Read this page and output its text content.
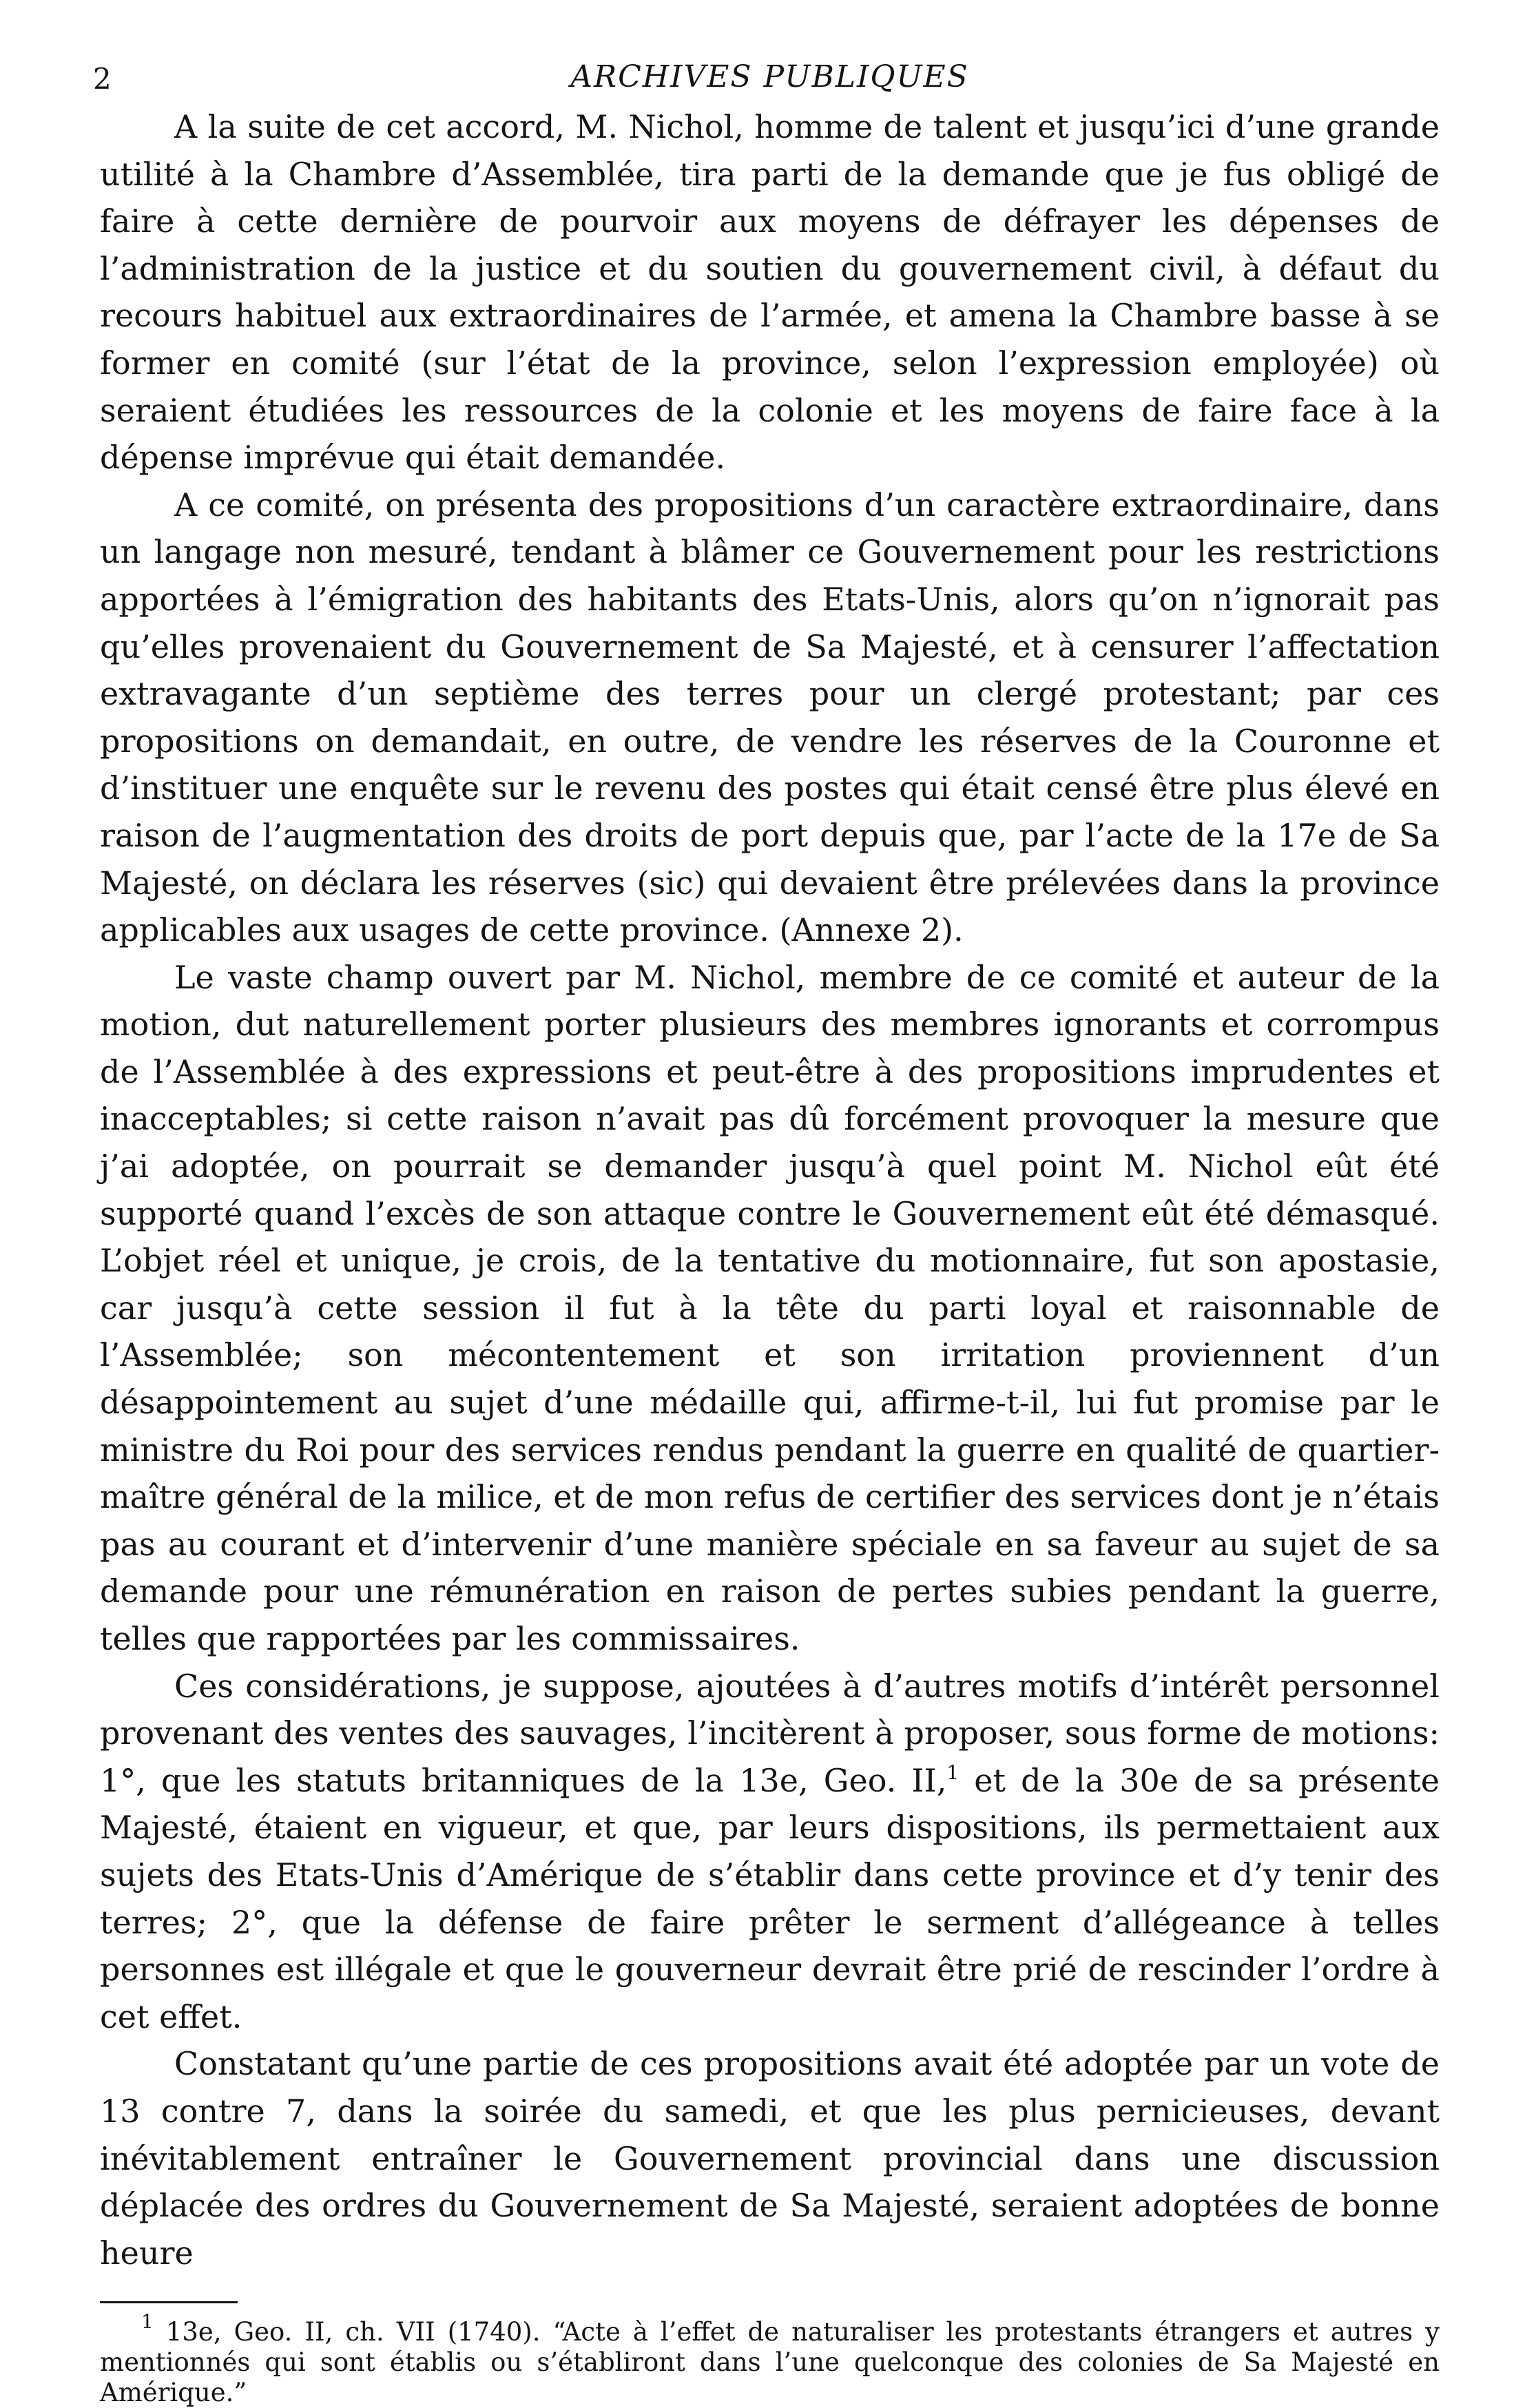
2	ARCHIVES PUBLIQUES

A la suite de cet accord, M. Nichol, homme de talent et jusqu’ici d’une grande utilité à la Chambre d’Assemblée, tira parti de la demande que je fus obligé de faire à cette dernière de pourvoir aux moyens de défrayer les dépenses de l’administration de la justice et du soutien du gouvernement civil, à défaut du recours habituel aux extraordinaires de l’armée, et amena la Chambre basse à se former en comité (sur l’état de la province, selon l’expression employée) où seraient étudiées les ressources de la colonie et les moyens de faire face à la dépense imprévue qui était demandée.

A ce comité, on présenta des propositions d’un caractère extraordinaire, dans un langage non mesuré, tendant à blâmer ce Gouvernement pour les restrictions apportées à l’émigration des habitants des Etats-Unis, alors qu’on n’ignorait pas qu’elles provenaient du Gouvernement de Sa Majesté, et à censurer l’affectation extravagante d’un septième des terres pour un clergé protestant; par ces propositions on demandait, en outre, de vendre les réserves de la Couronne et d’instituer une enquête sur le revenu des postes qui était censé être plus élevé en raison de l’augmentation des droits de port depuis que, par l’acte de la 17e de Sa Majesté, on déclara les réserves (sic) qui devaient être prélevées dans la province applicables aux usages de cette province. (Annexe 2).

Le vaste champ ouvert par M. Nichol, membre de ce comité et auteur de la motion, dut naturellement porter plusieurs des membres ignorants et corrompus de l’Assemblée à des expressions et peut-être à des propositions imprudentes et inacceptables; si cette raison n’avait pas dû forcément provoquer la mesure que j’ai adoptée, on pourrait se demander jusqu’à quel point M. Nichol eût été supporté quand l’excès de son attaque contre le Gouvernement eût été démasqué. L’objet réel et unique, je crois, de la tentative du motionnaire, fut son apostasie, car jusqu’à cette session il fut à la tête du parti loyal et raisonnable de l’Assemblée; son mécontentement et son irritation proviennent d’un désappointement au sujet d’une médaille qui, affirme-t-il, lui fut promise par le ministre du Roi pour des services rendus pendant la guerre en qualité de quartier-maître général de la milice, et de mon refus de certifier des services dont je n’étais pas au courant et d’intervenir d’une manière spéciale en sa faveur au sujet de sa demande pour une rémunération en raison de pertes subies pendant la guerre, telles que rapportées par les commissaires.

Ces considérations, je suppose, ajoutées à d’autres motifs d’intérêt personnel provenant des ventes des sauvages, l’incitèrent à proposer, sous forme de motions: 1°, que les statuts britanniques de la 13e, Geo. II,$^1$ et de la 30e de sa présente Majesté, étaient en vigueur, et que, par leurs dispositions, ils permettaient aux sujets des Etats-Unis d’Amérique de s’établir dans cette province et d’y tenir des terres; 2°, que la défense de faire prêter le serment d’allégeance à telles personnes est illégale et que le gouverneur devrait être prié de rescinder l’ordre à cet effet.

Constatant qu’une partie de ces propositions avait été adoptée par un vote de 13 contre 7, dans la soirée du samedi, et que les plus pernicieuses, devant inévitablement entraîner le Gouvernement provincial dans une discussion déplacée des ordres du Gouvernement de Sa Majesté, seraient adoptées de bonne heure

$^1$ 13e, Geo. II, ch. VII (1740). “Acte à l’effet de naturaliser les protestants étrangers et autres y mentionnés qui sont établis ou s’établiront dans l’une quelconque des colonies de Sa Majesté en Amérique.”
